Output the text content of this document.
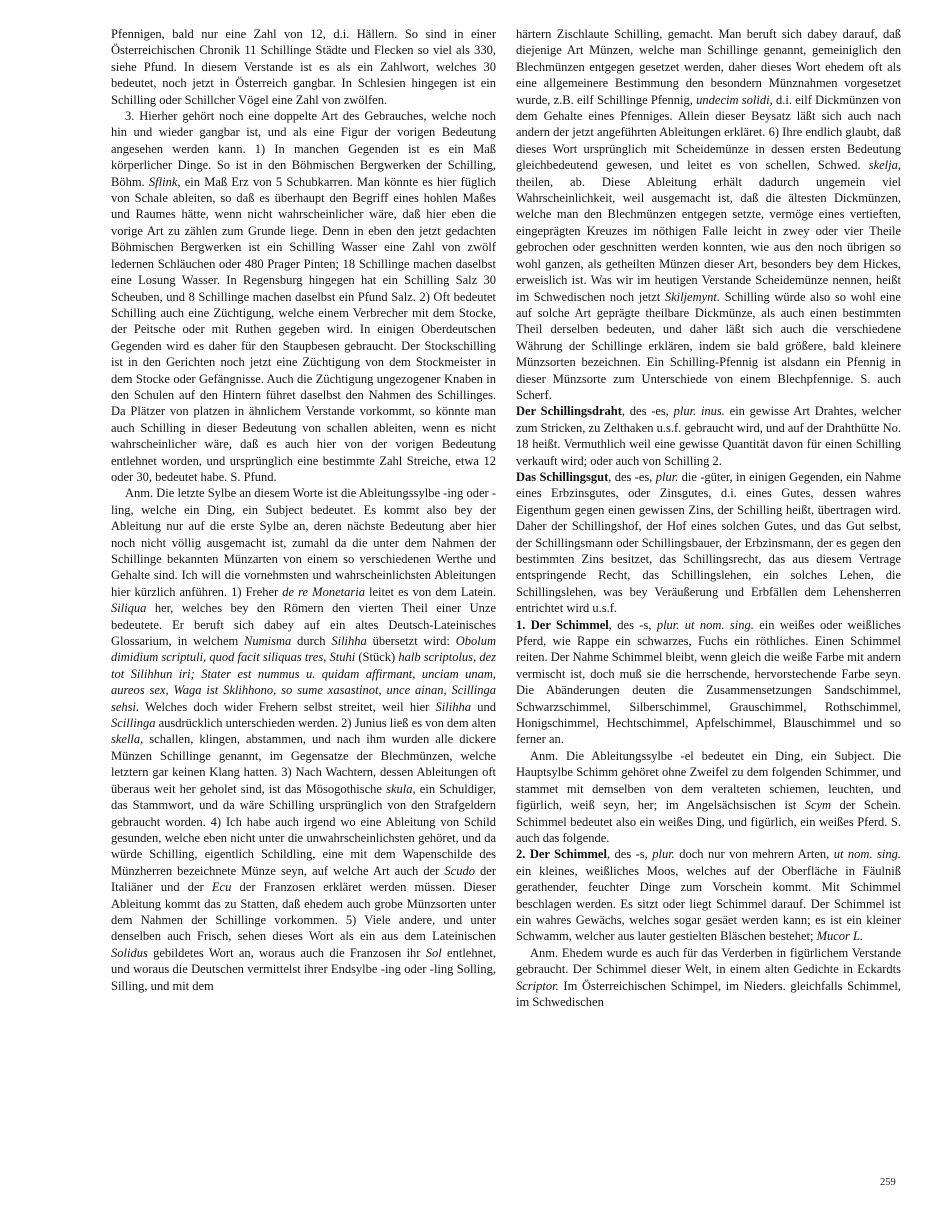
Pfennigen, bald nur eine Zahl von 12, d.i. Hällern. So sind in einer Österreichischen Chronik 11 Schillinge Städte und Flecken so viel als 330, siehe Pfund. In diesem Verstande ist es als ein Zahlwort, welches 30 bedeutet, noch jetzt in Österreich gangbar. In Schlesien hingegen ist ein Schilling oder Schillcher Vögel eine Zahl von zwölfen.

3. Hierher gehört noch eine doppelte Art des Gebrauches, welche noch hin und wieder gangbar ist, und als eine Figur der vorigen Bedeutung angesehen werden kann. 1) In manchen Gegenden ist es ein Maß körperlicher Dinge. So ist in den Böhmischen Bergwerken der Schilling, Böhm. Sflink, ein Maß Erz von 5 Schubkarren. Man könnte es hier füglich von Schale ableiten, so daß es überhaupt den Begriff eines hohlen Maßes und Raumes hätte, wenn nicht wahrscheinlicher wäre, daß hier eben die vorige Art zu zählen zum Grunde liege. Denn in eben den jetzt gedachten Böhmischen Bergwerken ist ein Schilling Wasser eine Zahl von zwölf ledernen Schläuchen oder 480 Prager Pinten; 18 Schillinge machen daselbst eine Losung Wasser. In Regensburg hingegen hat ein Schilling Salz 30 Scheuben, und 8 Schillinge machen daselbst ein Pfund Salz. 2) Oft bedeutet Schilling auch eine Züchtigung, welche einem Verbrecher mit dem Stocke, der Peitsche oder mit Ruthen gegeben wird. In einigen Oberdeutschen Gegenden wird es daher für den Staupbesen gebraucht. Der Stockschilling ist in den Gerichten noch jetzt eine Züchtigung von dem Stockmeister in dem Stocke oder Gefängnisse. Auch die Züchtigung ungezogener Knaben in den Schulen auf den Hintern führet daselbst den Nahmen des Schillinges. Da Plätzer von platzen in ähnlichem Verstande vorkommt, so könnte man auch Schilling in dieser Bedeutung von schallen ableiten, wenn es nicht wahrscheinlicher wäre, daß es auch hier von der vorigen Bedeutung entlehnet worden, und ursprünglich eine bestimmte Zahl Streiche, etwa 12 oder 30, bedeutet habe. S. Pfund.

Anm. Die letzte Sylbe an diesem Worte ist die Ableitungssylbe -ing oder -ling, welche ein Ding, ein Subject bedeutet. Es kommt also bey der Ableitung nur auf die erste Sylbe an, deren nächste Bedeutung aber hier noch nicht völlig ausgemacht ist, zumahl da die unter dem Nahmen der Schillinge bekannten Münzarten von einem so verschiedenen Werthe und Gehalte sind. Ich will die vornehmsten und wahrscheinlichsten Ableitungen hier kürzlich anführen. 1) Freher de re Monetaria leitet es von dem Latein. Siliqua her, welches bey den Römern den vierten Theil einer Unze bedeutete. Er beruft sich dabey auf ein altes Deutsch-Lateinisches Glossarium, in welchem Numisma durch Silihha übersetzt wird: Obolum dimidium scriptuli, quod facit siliquas tres, Stuhi (Stück) halb scriptolus, dez tot Silihhun iri; Stater est nummus u. quidam affirmant, unciam unam, aureos sex, Waga ist Sklihhono, so sume xasastinot, unce ainan, Scillinga sehsi. Welches doch wider Frehern selbst streitet, weil hier Silihha und Scillinga ausdrücklich unterschieden werden. 2) Junius ließ es von dem alten skella, schallen, klingen, abstammen, und nach ihm wurden alle dickere Münzen Schillinge genannt, im Gegensatze der Blechmünzen, welche letztern gar keinen Klang hatten. 3) Nach Wachtern, dessen Ableitungen oft überaus weit her geholet sind, ist das Mösogothische skula, ein Schuldiger, das Stammwort, und da wäre Schilling ursprünglich von den Strafgeldern gebraucht worden. 4) Ich habe auch irgend wo eine Ableitung von Schild gesunden, welche eben nicht unter die unwahrscheinlichsten gehöret, und da würde Schilling, eigentlich Schildling, eine mit dem Wapenschilde des Münzherren bezeichnete Münze seyn, auf welche Art auch der Scudo der Italiäner und der Ecu der Franzosen erkläret werden müssen. Dieser Ableitung kommt das zu Statten, daß ehedem auch grobe Münzsorten unter dem Nahmen der Schillinge vorkommen. 5) Viele andere, und unter denselben auch Frisch, sehen dieses Wort als ein aus dem Lateinischen Solidus gebildetes Wort an, woraus auch die Franzosen ihr Sol entlehnet, und woraus die Deutschen vermittelst ihrer Endsylbe -ing oder -ling Solling, Silling, und mit dem

härtern Zischlaute Schilling, gemacht. Man beruft sich dabey darauf, daß diejenige Art Münzen, welche man Schillinge genannt, gemeiniglich den Blechmünzen entgegen gesetzet werden, daher dieses Wort ehedem oft als eine allgemeinere Bestimmung den besondern Münznahmen vorgesetzet wurde, z.B. eilf Schillinge Pfennig, undecim solidi, d.i. eilf Dickmünzen von dem Gehalte eines Pfenniges. Allein dieser Beysatz läßt sich auch nach andern der jetzt angeführten Ableitungen erkläret. 6) Ihre endlich glaubt, daß dieses Wort ursprünglich mit Scheidemünze in dessen ersten Bedeutung gleichbedeutend gewesen, und leitet es von schellen, Schwed. skelja, theilen, ab. Diese Ableitung erhält dadurch ungemein viel Wahrscheinlichkeit, weil ausgemacht ist, daß die ältesten Dickmünzen, welche man den Blechmünzen entgegen setzte, vermöge eines vertieften, eingeprägten Kreuzes im nöthigen Falle leicht in zwey oder vier Theile gebrochen oder geschnitten werden konnten, wie aus den noch übrigen so wohl ganzen, als getheilten Münzen dieser Art, besonders bey dem Hickes, erweislich ist. Was wir im heutigen Verstande Scheidemünze nennen, heißt im Schwedischen noch jetzt Skiljemynt. Schilling würde also so wohl eine auf solche Art geprägte theilbare Dickmünze, als auch einen bestimmten Theil derselben bedeuten, und daher läßt sich auch die verschiedene Währung der Schillinge erklären, indem sie bald größere, bald kleinere Münzsorten bezeichnen. Ein Schilling-Pfennig ist alsdann ein Pfennig in dieser Münzsorte zum Unterschiede von einem Blechpfennige. S. auch Scherf.

Der Schillingsdraht, des -es, plur. inus. ein gewisse Art Drahtes, welcher zum Stricken, zu Zelthaken u.s.f. gebraucht wird, und auf der Drahthütte No. 18 heißt. Vermuthlich weil eine gewisse Quantität davon für einen Schilling verkauft wird; oder auch von Schilling 2.

Das Schillingsgut, des -es, plur. die -güter, in einigen Gegenden, ein Nahme eines Erbzinsgutes, oder Zinsgutes, d.i. eines Gutes, dessen wahres Eigenthum gegen einen gewissen Zins, der Schilling heißt, übertragen wird. Daher der Schillingshof, der Hof eines solchen Gutes, und das Gut selbst, der Schillingsmann oder Schillingsbauer, der Erbzinsmann, der es gegen den bestimmten Zins besitzet, das Schillingsrecht, das aus diesem Vertrage entspringende Recht, das Schillingslehen, ein solches Lehen, die Schillingslehen, was bey Veräußerung und Erbfällen dem Lehensherren entrichtet wird u.s.f.

1. Der Schimmel, des -s, plur. ut nom. sing. ein weißes oder weißliches Pferd, wie Rappe ein schwarzes, Fuchs ein röthliches. Einen Schimmel reiten. Der Nahme Schimmel bleibt, wenn gleich die weiße Farbe mit andern vermischt ist, doch muß sie die herrschende, hervorstechende Farbe seyn. Die Abänderungen deuten die Zusammensetzungen Sandschimmel, Schwarzschimmel, Silberschimmel, Grauschimmel, Rothschimmel, Honigschimmel, Hechtschimmel, Apfelschimmel, Blauschimmel und so ferner an.

Anm. Die Ableitungssylbe -el bedeutet ein Ding, ein Subject. Die Hauptsylbe Schimm gehöret ohne Zweifel zu dem folgenden Schimmer, und stammet mit demselben von dem veralteten schiemen, leuchten, und figürlich, weiß seyn, her; im Angelsächsischen ist Scym der Schein. Schimmel bedeutet also ein weißes Ding, und figürlich, ein weißes Pferd. S. auch das folgende.

2. Der Schimmel, des -s, plur. doch nur von mehrern Arten, ut nom. sing. ein kleines, weißliches Moos, welches auf der Oberfläche in Fäulniß gerathender, feuchter Dinge zum Vorschein kommt. Mit Schimmel beschlagen werden. Es sitzt oder liegt Schimmel darauf. Der Schimmel ist ein wahres Gewächs, welches sogar gesäet werden kann; es ist ein kleiner Schwamm, welcher aus lauter gestielten Bläschen bestehet; Mucor L.

Anm. Ehedem wurde es auch für das Verderben in figürlichem Verstande gebraucht. Der Schimmel dieser Welt, in einem alten Gedichte in Eckardts Scriptor. Im Österreichischen Schimpel, im Nieders. gleichfalls Schimmel, im Schwedischen

259
